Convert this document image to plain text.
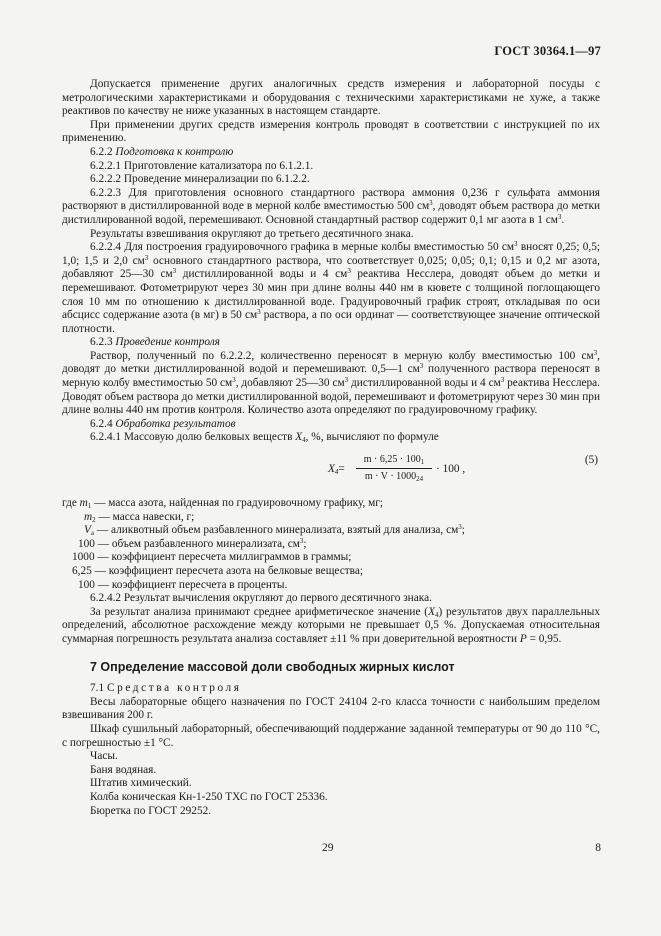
ГОСТ 30364.1—97

Допускается применение других аналогичных средств измерения и лабораторной посуды с метрологическими характеристиками и оборудования с техническими характеристиками не хуже, а также реактивов по качеству не ниже указанных в настоящем стандарте.

При применении других средств измерения контроль проводят в соответствии с инструкцией по их применению.

6.2.2 Подготовка к контролю

6.2.2.1 Приготовление катализатора по 6.1.2.1.

6.2.2.2 Проведение минерализации по 6.1.2.2.

6.2.2.3 Для приготовления основного стандартного раствора аммония 0,236 г сульфата аммония растворяют в дистиллированной воде в мерной колбе вместимостью 500 $см^3$, доводят объем раствора до метки дистиллированной водой, перемешивают. Основной стандартный раствор содержит 0,1 мг азота в 1 $см^3$.

Результаты взвешивания округляют до третьего десятичного знака.

6.2.2.4 Для построения градуировочного графика в мерные колбы вместимостью 50 $см^3$ вносят 0,25; 0,5; 1,0; 1,5 и 2,0 $см^3$ основного стандартного раствора, что соответствует 0,025; 0,05; 0,1; 0,15 и 0,2 мг азота, добавляют 25—30 $см^3$ дистиллированной воды и 4 $см^3$ реактива Несслера, доводят объем до метки и перемешивают. Фотометрируют через 30 мин при длине волны 440 нм в кювете с толщиной поглощающего слоя 10 мм по отношению к дистиллированной воде. Градуировочный график строят, откладывая по оси абсцисс содержание азота (в мг) в 50 $см^3$ раствора, а по оси ординат — соответствующее значение оптической плотности.

6.2.3 Проведение контроля

Раствор, полученный по 6.2.2.2, количественно переносят в мерную колбу вместимостью 100 $см^3$, доводят до метки дистиллированной водой и перемешивают. 0,5—1 $см^3$ полученного раствора переносят в мерную колбу вместимостью 50 $см^3$, добавляют 25—30 $см^3$ дистиллированной воды и 4 $см^3$ реактива Несслера. Доводят объем раствора до метки дистиллированной водой, перемешивают и фотометрируют через 30 мин при длине волны 440 нм против контроля. Количество азота определяют по градуировочному графику.

6.2.4 Обработка результатов

6.2.4.1 Массовую долю белковых веществ $X_4$, %, вычисляют по формуле

$X_4= \frac{m \cdot 6,25 \cdot 100_1}{m \cdot V \cdot 1000_{24}} \cdot 100$ ,
(5)

где $m_1$ — масса азота, найденная по градуировочному графику, мг;

$m_2$ — масса навески, г;

$V_а$ — аликвотный объем разбавленного минерализата, взятый для анализа, $см^3$;

100 — объем разбавленного минерализата, $см^3$;

1000 — коэффициент пересчета миллиграммов в граммы;

6,25 — коэффициент пересчета азота на белковые вещества;

100 — коэффициент пересчета в проценты.

6.2.4.2 Результат вычисления округляют до первого десятичного знака.

За результат анализа принимают среднее арифметическое значение $(X_4)$ результатов двух параллельных определений, абсолютное расхождение между которыми не превышает 0,5 %. Допускаемая относительная суммарная погрешность результата анализа составляет ±11 % при доверительной вероятности P = 0,95.

7 Определение массовой доли свободных жирных кислот

7.1 Средства контроля

Весы лабораторные общего назначения по ГОСТ 24104 2-го класса точности с наибольшим пределом взвешивания 200 г.

Шкаф сушильный лабораторный, обеспечивающий поддержание заданной температуры от 90 до 110 °С, с погрешностью ±1 °С.

Часы.

Баня водяная.

Штатив химический.

Колба коническая Кн-1-250 ТХС по ГОСТ 25336.

Бюретка по ГОСТ 29252.

29	8
